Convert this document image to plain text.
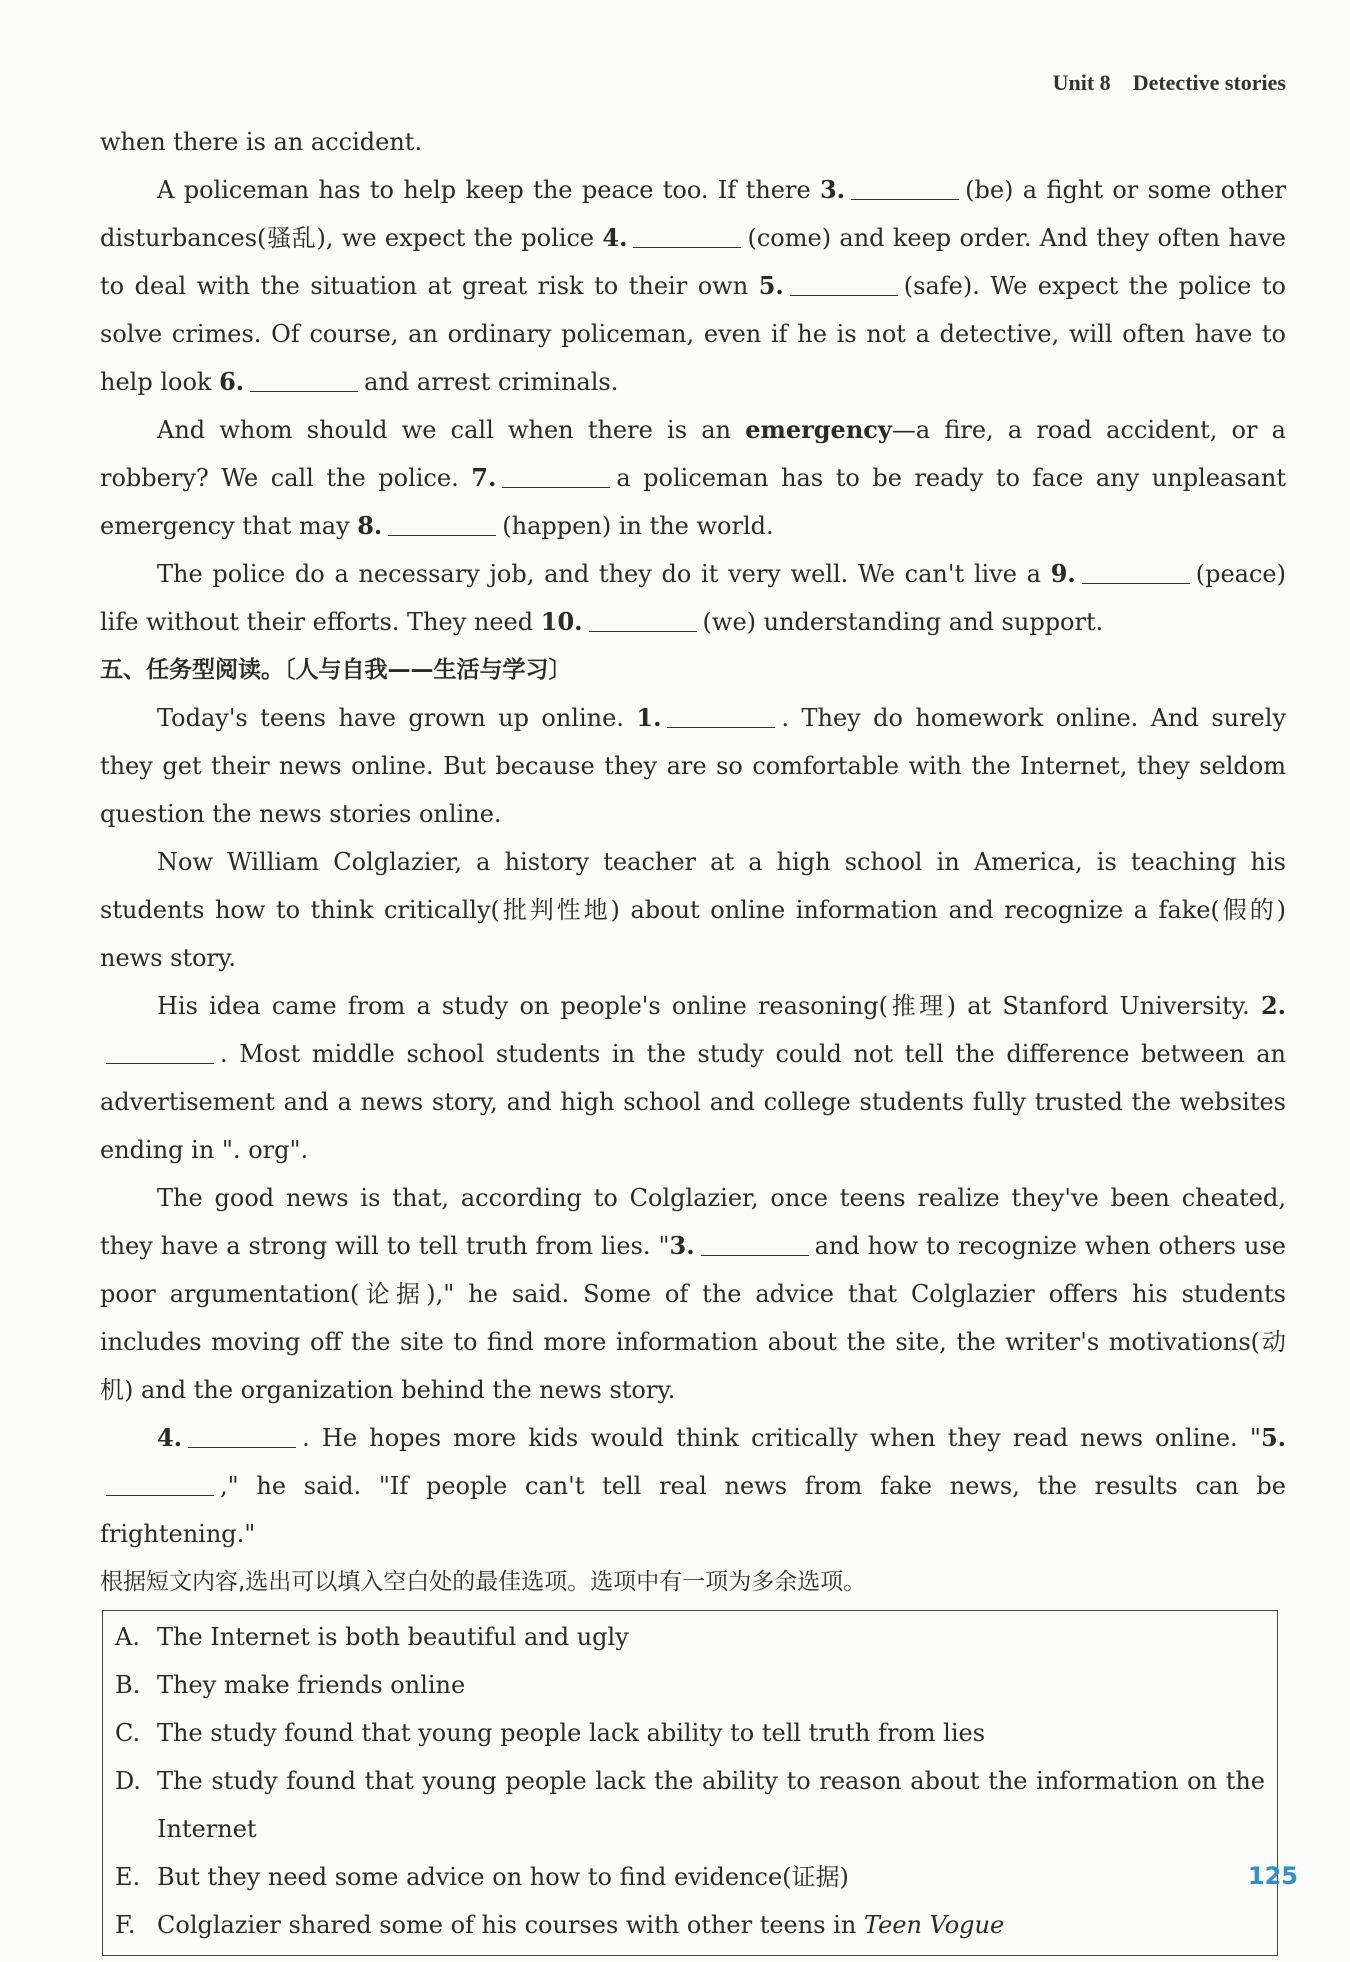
Unit 8 Detective stories

when there is an accident.

A policeman has to help keep the peace too. If there 3.	(be) a fight or some other disturbances(骚乱), we expect the police 4.	(come) and keep order. And they often have to deal with the situation at great risk to their own 5.	(safe). We expect the police to solve crimes. Of course, an ordinary policeman, even if he is not a detective, will often have to help look 6.	and arrest criminals.

And whom should we call when there is an emergency—a fire, a road accident, or a robbery? We call the police. 7.	a policeman has to be ready to face any unpleasant emergency that may 8.	(happen) in the world.

The police do a necessary job, and they do it very well. We can't live a 9.	(peace) life without their efforts. They need 10.	(we) understanding and support.

五、任务型阅读。〔人与自我——生活与学习〕

Today's teens have grown up online. 1.	. They do homework online. And surely they get their news online. But because they are so comfortable with the Internet, they seldom question the news stories online.

Now William Colglazier, a history teacher at a high school in America, is teaching his students how to think critically(批判性地) about online information and recognize a fake(假的) news story.

His idea came from a study on people's online reasoning(推理) at Stanford University. 2.. Most middle school students in the study could not tell the difference between an advertisement and a news story, and high school and college students fully trusted the websites ending in ". org".

The good news is that, according to Colglazier, once teens realize they've been cheated, they have a strong will to tell truth from lies. "3.	and how to recognize when others use poor argumentation(论据)," he said. Some of the advice that Colglazier offers his students includes moving off the site to find more information about the site, the writer's motivations(动机) and the organization behind the news story.

4.	. He hopes more kids would think critically when they read news online. "5.," he said. "If people can't tell real news from fake news, the results can be frightening."

根据短文内容,选出可以填入空白处的最佳选项。选项中有一项为多余选项。

A. The Internet is both beautiful and ugly
B. They make friends online
C. The study found that young people lack ability to tell truth from lies
D. The study found that young people lack the ability to reason about the information on the Internet
E. But they need some advice on how to find evidence(证据)
F. Colglazier shared some of his courses with other teens in Teen Vogue
125
